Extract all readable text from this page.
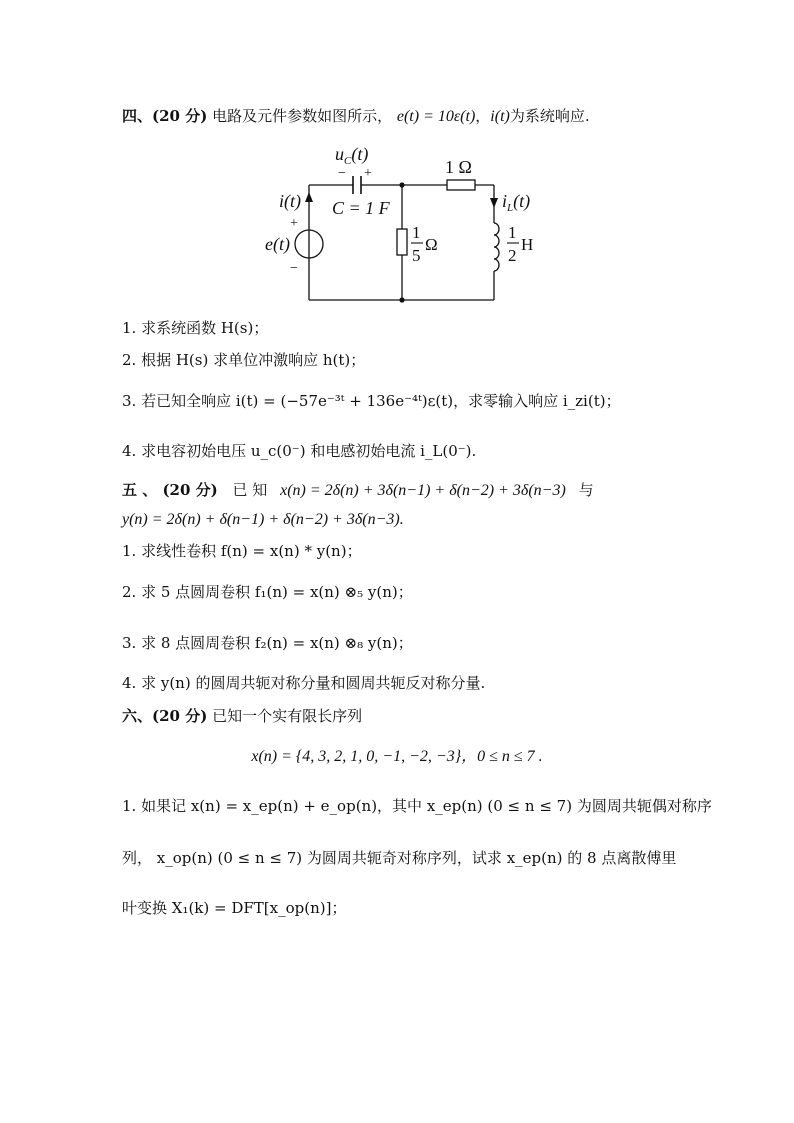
四、(20 分) 电路及元件参数如图所示， e(t) = 10ε(t)，i(t)为系统响应.
$u_C(t)$
− +
C = 1 F
1 Ω
i(t)	$i_L(t)$
+
e(t)
−
1
5
Ω
1
2
H
1. 求系统函数 H(s)；
2. 根据 H(s) 求单位冲激响应 h(t)；
3. 若已知全响应 i(t) = (−57e⁻³ᵗ + 136e⁻⁴ᵗ)ε(t)，求零输入响应 i_zi(t)；
4. 求电容初始电压 u_c(0⁻) 和电感初始电流 i_L(0⁻).
五 、 (20 分) 已 知 x(n) = 2δ(n) + 3δ(n−1) + δ(n−2) + 3δ(n−3) 与
y(n) = 2δ(n) + δ(n−1) + δ(n−2) + 3δ(n−3).
1. 求线性卷积 f(n) = x(n) * y(n)；
2. 求 5 点圆周卷积 f₁(n) = x(n) ⊗₅ y(n)；
3. 求 8 点圆周卷积 f₂(n) = x(n) ⊗₈ y(n)；
4. 求 y(n) 的圆周共轭对称分量和圆周共轭反对称分量.
六、(20 分) 已知一个实有限长序列
x(n) = {4, 3, 2, 1, 0, −1, −2, −3}，0 ≤ n ≤ 7 .
1. 如果记 x(n) = x_ep(n) + e_op(n)，其中 x_ep(n) (0 ≤ n ≤ 7) 为圆周共轭偶对称序
列， x_op(n) (0 ≤ n ≤ 7) 为圆周共轭奇对称序列，试求 x_ep(n) 的 8 点离散傅里
叶变换 X₁(k) = DFT[x_op(n)]；
